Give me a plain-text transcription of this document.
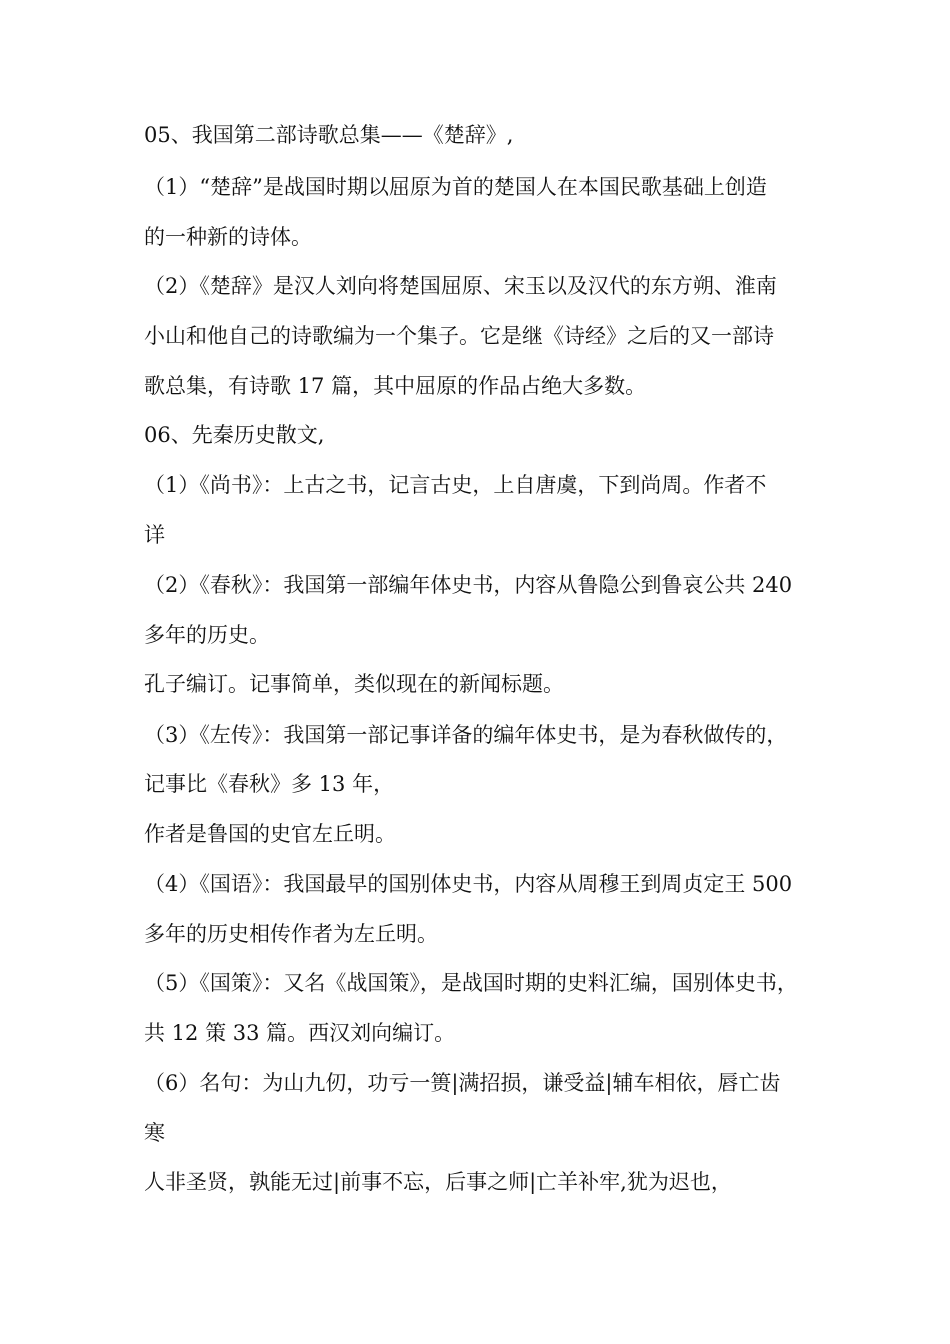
05、我国第二部诗歌总集——《楚辞》,
（1）“楚辞”是战国时期以屈原为首的楚国人在本国民歌基础上创造
的一种新的诗体。
（2）《楚辞》是汉人刘向将楚国屈原、宋玉以及汉代的东方朔、淮南
小山和他自己的诗歌编为一个集子。它是继《诗经》之后的又一部诗
歌总集，有诗歌 17 篇，其中屈原的作品占绝大多数。
06、先秦历史散文,
（1）《尚书》：上古之书，记言古史，上自唐虞，下到尚周。作者不
详
（2）《春秋》：我国第一部编年体史书，内容从鲁隐公到鲁哀公共 240
多年的历史。
孔子编订。记事简单，类似现在的新闻标题。
（3）《左传》：我国第一部记事详备的编年体史书，是为春秋做传的，
记事比《春秋》多 13 年，
作者是鲁国的史官左丘明。
（4）《国语》：我国最早的国别体史书，内容从周穆王到周贞定王 500
多年的历史相传作者为左丘明。
（5）《国策》：又名《战国策》，是战国时期的史料汇编，国别体史书，
共 12 策 33 篇。西汉刘向编订。
（6）名句：为山九仞，功亏一篑|满招损，谦受益|辅车相依，唇亡齿
寒
人非圣贤，孰能无过|前事不忘，后事之师|亡羊补牢,犹为迟也，
